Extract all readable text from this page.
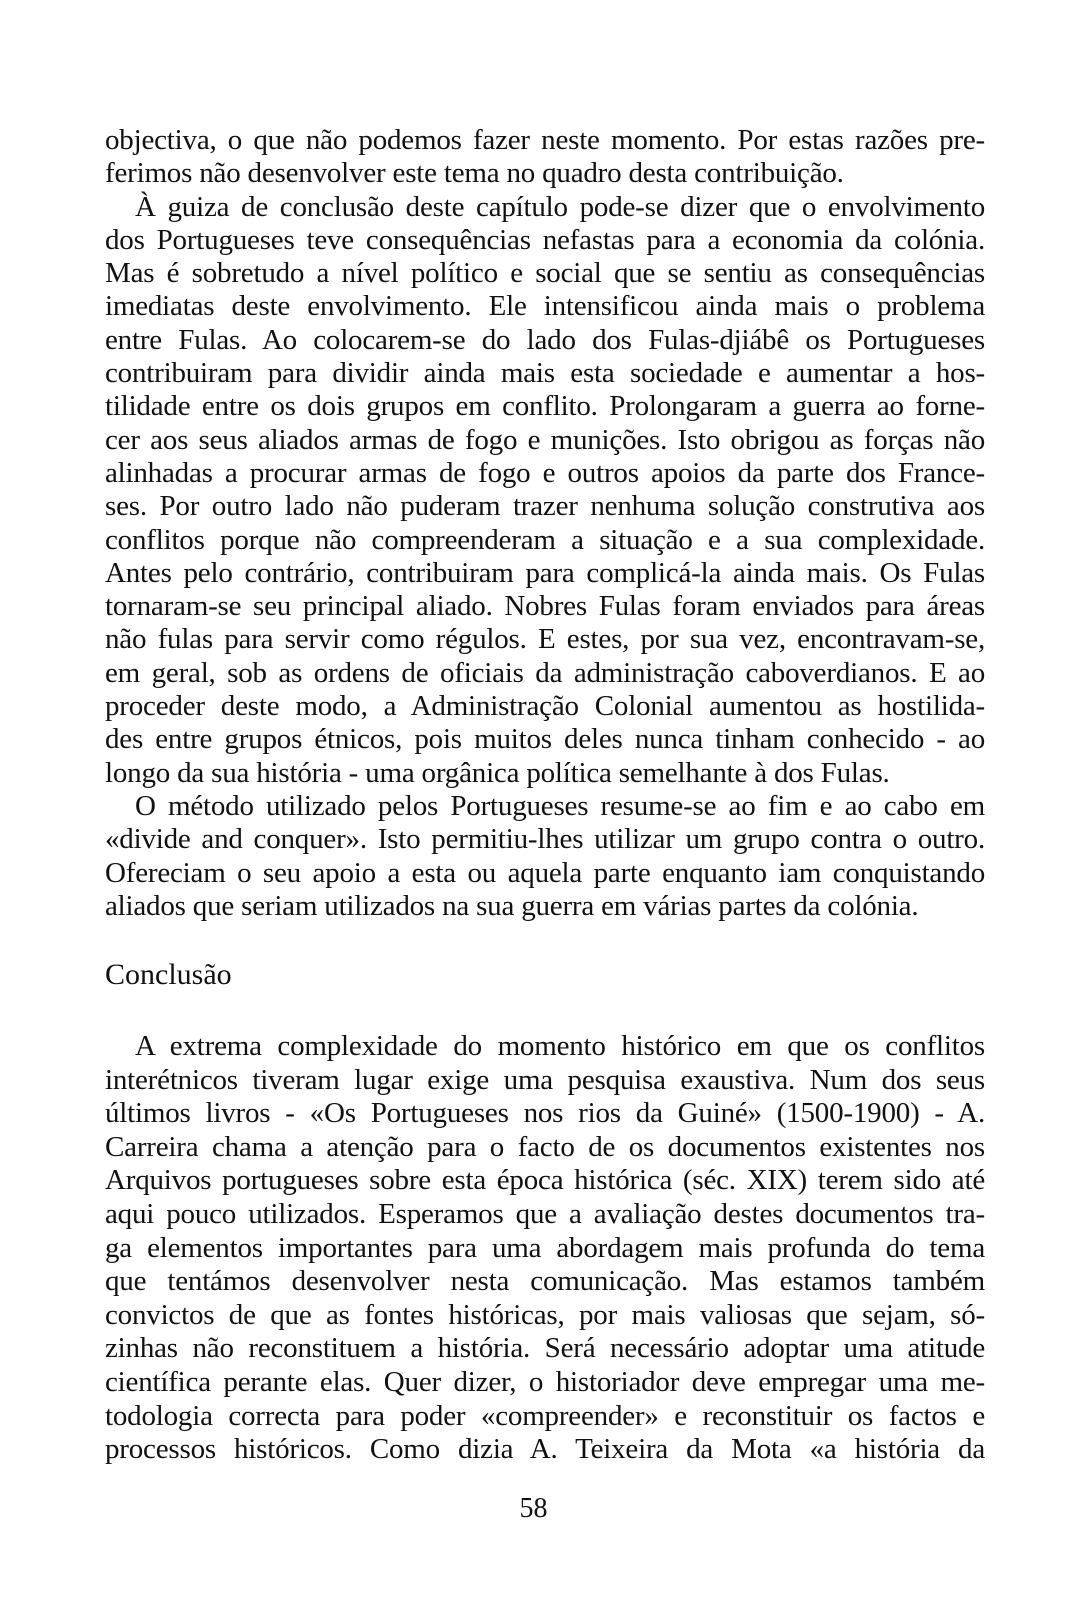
objectiva, o que não podemos fazer neste momento. Por estas razões pre-
ferimos não desenvolver este tema no quadro desta contribuição.

À guiza de conclusão deste capítulo pode-se dizer que o envolvimento
dos Portugueses teve consequências nefastas para a economia da colónia.
Mas é sobretudo a nível político e social que se sentiu as consequências
imediatas deste envolvimento. Ele intensificou ainda mais o problema
entre Fulas. Ao colocarem-se do lado dos Fulas-djiábê os Portugueses
contribuiram para dividir ainda mais esta sociedade e aumentar a hos-
tilidade entre os dois grupos em conflito. Prolongaram a guerra ao forne-
cer aos seus aliados armas de fogo e munições. Isto obrigou as forças não
alinhadas a procurar armas de fogo e outros apoios da parte dos France-
ses. Por outro lado não puderam trazer nenhuma solução construtiva aos
conflitos porque não compreenderam a situação e a sua complexidade.
Antes pelo contrário, contribuiram para complicá-la ainda mais. Os Fulas
tornaram-se seu principal aliado. Nobres Fulas foram enviados para áreas
não fulas para servir como régulos. E estes, por sua vez, encontravam-se,
em geral, sob as ordens de oficiais da administração caboverdianos. E ao
proceder deste modo, a Administração Colonial aumentou as hostilida-
des entre grupos étnicos, pois muitos deles nunca tinham conhecido - ao
longo da sua história - uma orgânica política semelhante à dos Fulas.

O método utilizado pelos Portugueses resume-se ao fim e ao cabo em
«divide and conquer». Isto permitiu-lhes utilizar um grupo contra o outro.
Ofereciam o seu apoio a esta ou aquela parte enquanto iam conquistando
aliados que seriam utilizados na sua guerra em várias partes da colónia.

Conclusão

A extrema complexidade do momento histórico em que os conflitos
interétnicos tiveram lugar exige uma pesquisa exaustiva. Num dos seus
últimos livros - «Os Portugueses nos rios da Guiné» (1500-1900) - A.
Carreira chama a atenção para o facto de os documentos existentes nos
Arquivos portugueses sobre esta época histórica (séc. XIX) terem sido até
aqui pouco utilizados. Esperamos que a avaliação destes documentos tra-
ga elementos importantes para uma abordagem mais profunda do tema
que tentámos desenvolver nesta comunicação. Mas estamos também
convictos de que as fontes históricas, por mais valiosas que sejam, só-
zinhas não reconstituem a história. Será necessário adoptar uma atitude
científica perante elas. Quer dizer, o historiador deve empregar uma me-
todologia correcta para poder «compreender» e reconstituir os factos e
processos históricos. Como dizia A. Teixeira da Mota «a história da

58
